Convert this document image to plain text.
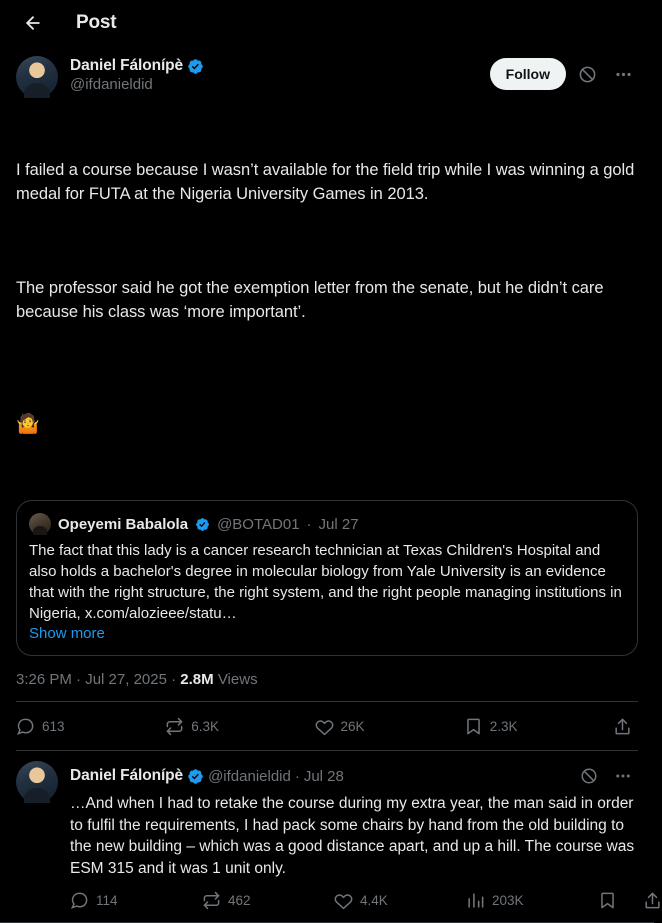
Post
Daniel Fálonípè
@ifdanieldid
Follow

I failed a course because I wasn’t available for the field trip while I was winning a gold medal for FUTA at the Nigeria University Games in 2013.

The professor said he got the exemption letter from the senate, but he didn’t care because his class was ‘more important’.

🤷

Opeyemi Babalola @BOTAD01 · Jul 27
The fact that this lady is a cancer research technician at Texas Children's Hospital and also holds a bachelor's degree in molecular biology from Yale University is an evidence that with the right structure, the right system, and the right people managing institutions in Nigeria, x.com/alozieee/statu…
Show more
3:26 PM · Jul 27, 2025 · 2.8M Views
613	6.3K	26K	2.3K
Daniel Fálonípè @ifdanieldid · Jul 28
…And when I had to retake the course during my extra year, the man said in order to fulfil the requirements, I had pack some chairs by hand from the old building to the new building – which was a good distance apart, and up a hill. The course was ESM 315 and it was 1 unit only.
114	462	4.4K	203K
